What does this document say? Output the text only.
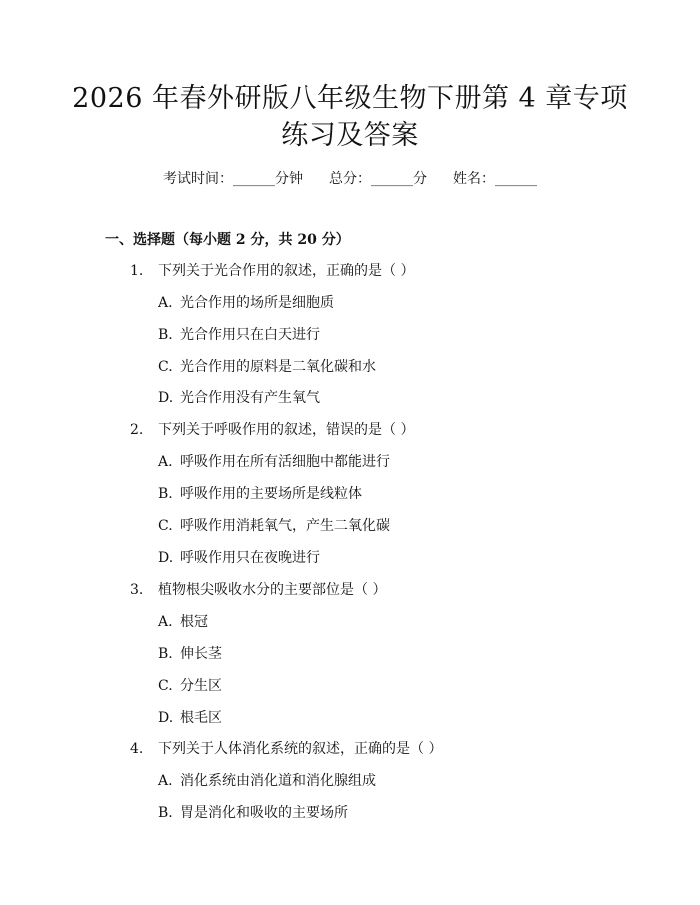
2026 年春外研版八年级生物下册第 4 章专项
练习及答案
考试时间：______分钟 总分：______分 姓名：______
一、选择题（每小题 2 分，共 20 分）
1. 下列关于光合作用的叙述，正确的是（ ）
A. 光合作用的场所是细胞质
B. 光合作用只在白天进行
C. 光合作用的原料是二氧化碳和水
D. 光合作用没有产生氧气
2. 下列关于呼吸作用的叙述，错误的是（ ）
A. 呼吸作用在所有活细胞中都能进行
B. 呼吸作用的主要场所是线粒体
C. 呼吸作用消耗氧气，产生二氧化碳
D. 呼吸作用只在夜晚进行
3. 植物根尖吸收水分的主要部位是（ ）
A. 根冠
B. 伸长茎
C. 分生区
D. 根毛区
4. 下列关于人体消化系统的叙述，正确的是（ ）
A. 消化系统由消化道和消化腺组成
B. 胃是消化和吸收的主要场所
